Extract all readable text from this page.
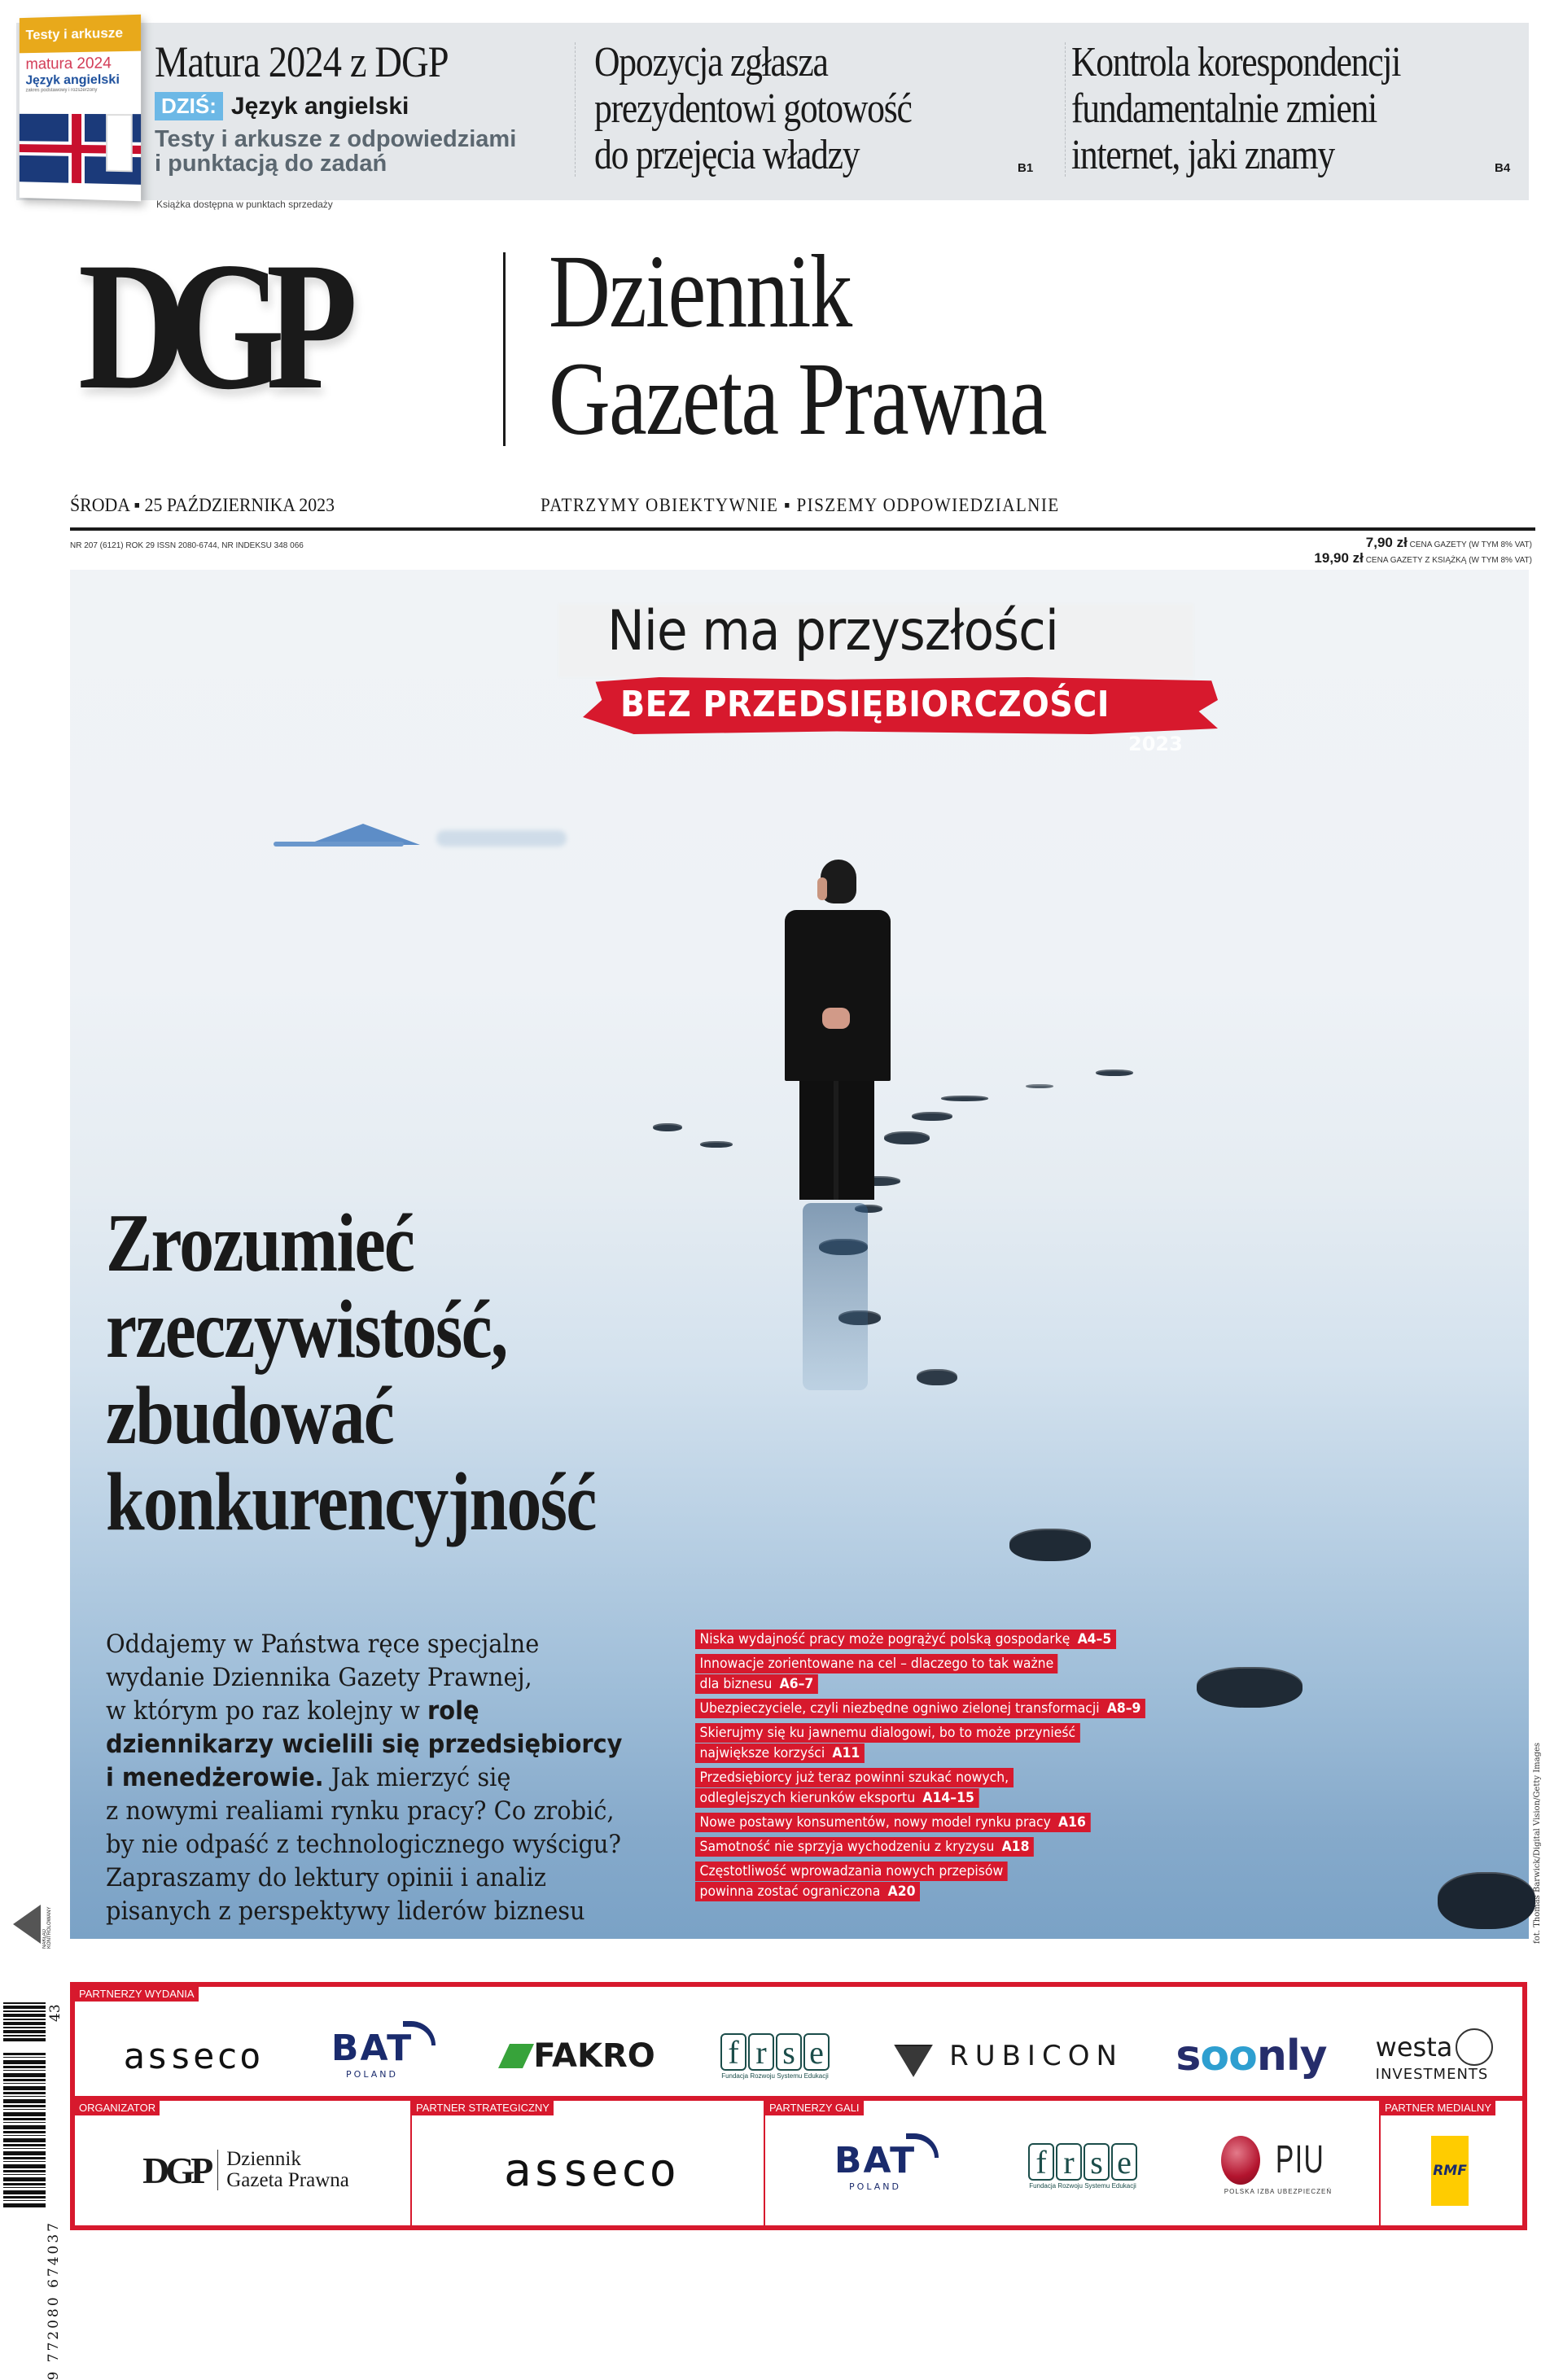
Testy i arkusze
matura 2024
Język angielski
zakres podstawowy i rozszerzony
Matura 2024 z DGP
DZIŚ: Język angielski
Testy i arkusze z odpowiedziami
i punktacją do zadań
Książka dostępna w punktach sprzedaży
Opozycja zgłasza
prezydentowi gotowość
do przejęcia władzy	B1
Kontrola korespondencji
fundamentalnie zmieni
internet, jaki znamy	B4
DGP Dziennik
Gazeta Prawna
ŚRODA ▪ 25 PAŹDZIERNIKA 2023	PATRZYMY OBIEKTYWNIE ▪ PISZEMY ODPOWIEDZIALNIE
NR 207 (6121) ROK 29 ISSN 2080-6744, NR INDEKSU 348 066	7,90 zł CENA GAZETY (W TYM 8% VAT)
19,90 zł CENA GAZETY Z KSIĄŻKĄ (W TYM 8% VAT)
Nie ma przyszłości
BEZ PRZEDSIĘBIORCZOŚCI
2023
Zrozumieć
rzeczywistość,
zbudować
konkurencyjność
Oddajemy w Państwa ręce specjalne
wydanie Dziennika Gazety Prawnej,
w którym po raz kolejny w rolę
dziennikarzy wcielili się przedsiębiorcy
i menedżerowie. Jak mierzyć się
z nowymi realiami rynku pracy? Co zrobić,
by nie odpaść z technologicznego wyścigu?
Zapraszamy do lektury opinii i analiz
pisanych z perspektywy liderów biznesu
Niska wydajność pracy może pogrążyć polską gospodarkę A4–5
Innowacje zorientowane na cel – dlaczego to tak ważne
dla biznesu A6–7
Ubezpieczyciele, czyli niezbędne ogniwo zielonej transformacji A8–9
Skierujmy się ku jawnemu dialogowi, bo to może przynieść
największe korzyści A11
Przedsiębiorcy już teraz powinni szukać nowych,
odleglejszych kierunków eksportu A14–15
Nowe postawy konsumentów, nowy model rynku pracy A16
Samotność nie sprzyja wychodzeniu z kryzysu A18
Częstotliwość wprowadzania nowych przepisów
powinna zostać ograniczona A20	fot. Thomas Barwick/Digital Vision/Getty Images
NAKŁAD KONTROLOWANY
43
9 772080 674037
PARTNERZY WYDANIA
asseco BAT
POLAND	FAKRO f r s e
Fundacja Rozwoju Systemu Edukacji
RUBICON soonly westa
INVESTMENTS
ORGANIZATOR
DGP Dziennik
Gazeta Prawna
PARTNER STRATEGICZNY
asseco
PARTNERZY GALI
BAT
POLAND
f r s e
Fundacja Rozwoju Systemu Edukacji
PIU
POLSKA IZBA UBEZPIECZEŃ
PARTNER MEDIALNY
RMF
